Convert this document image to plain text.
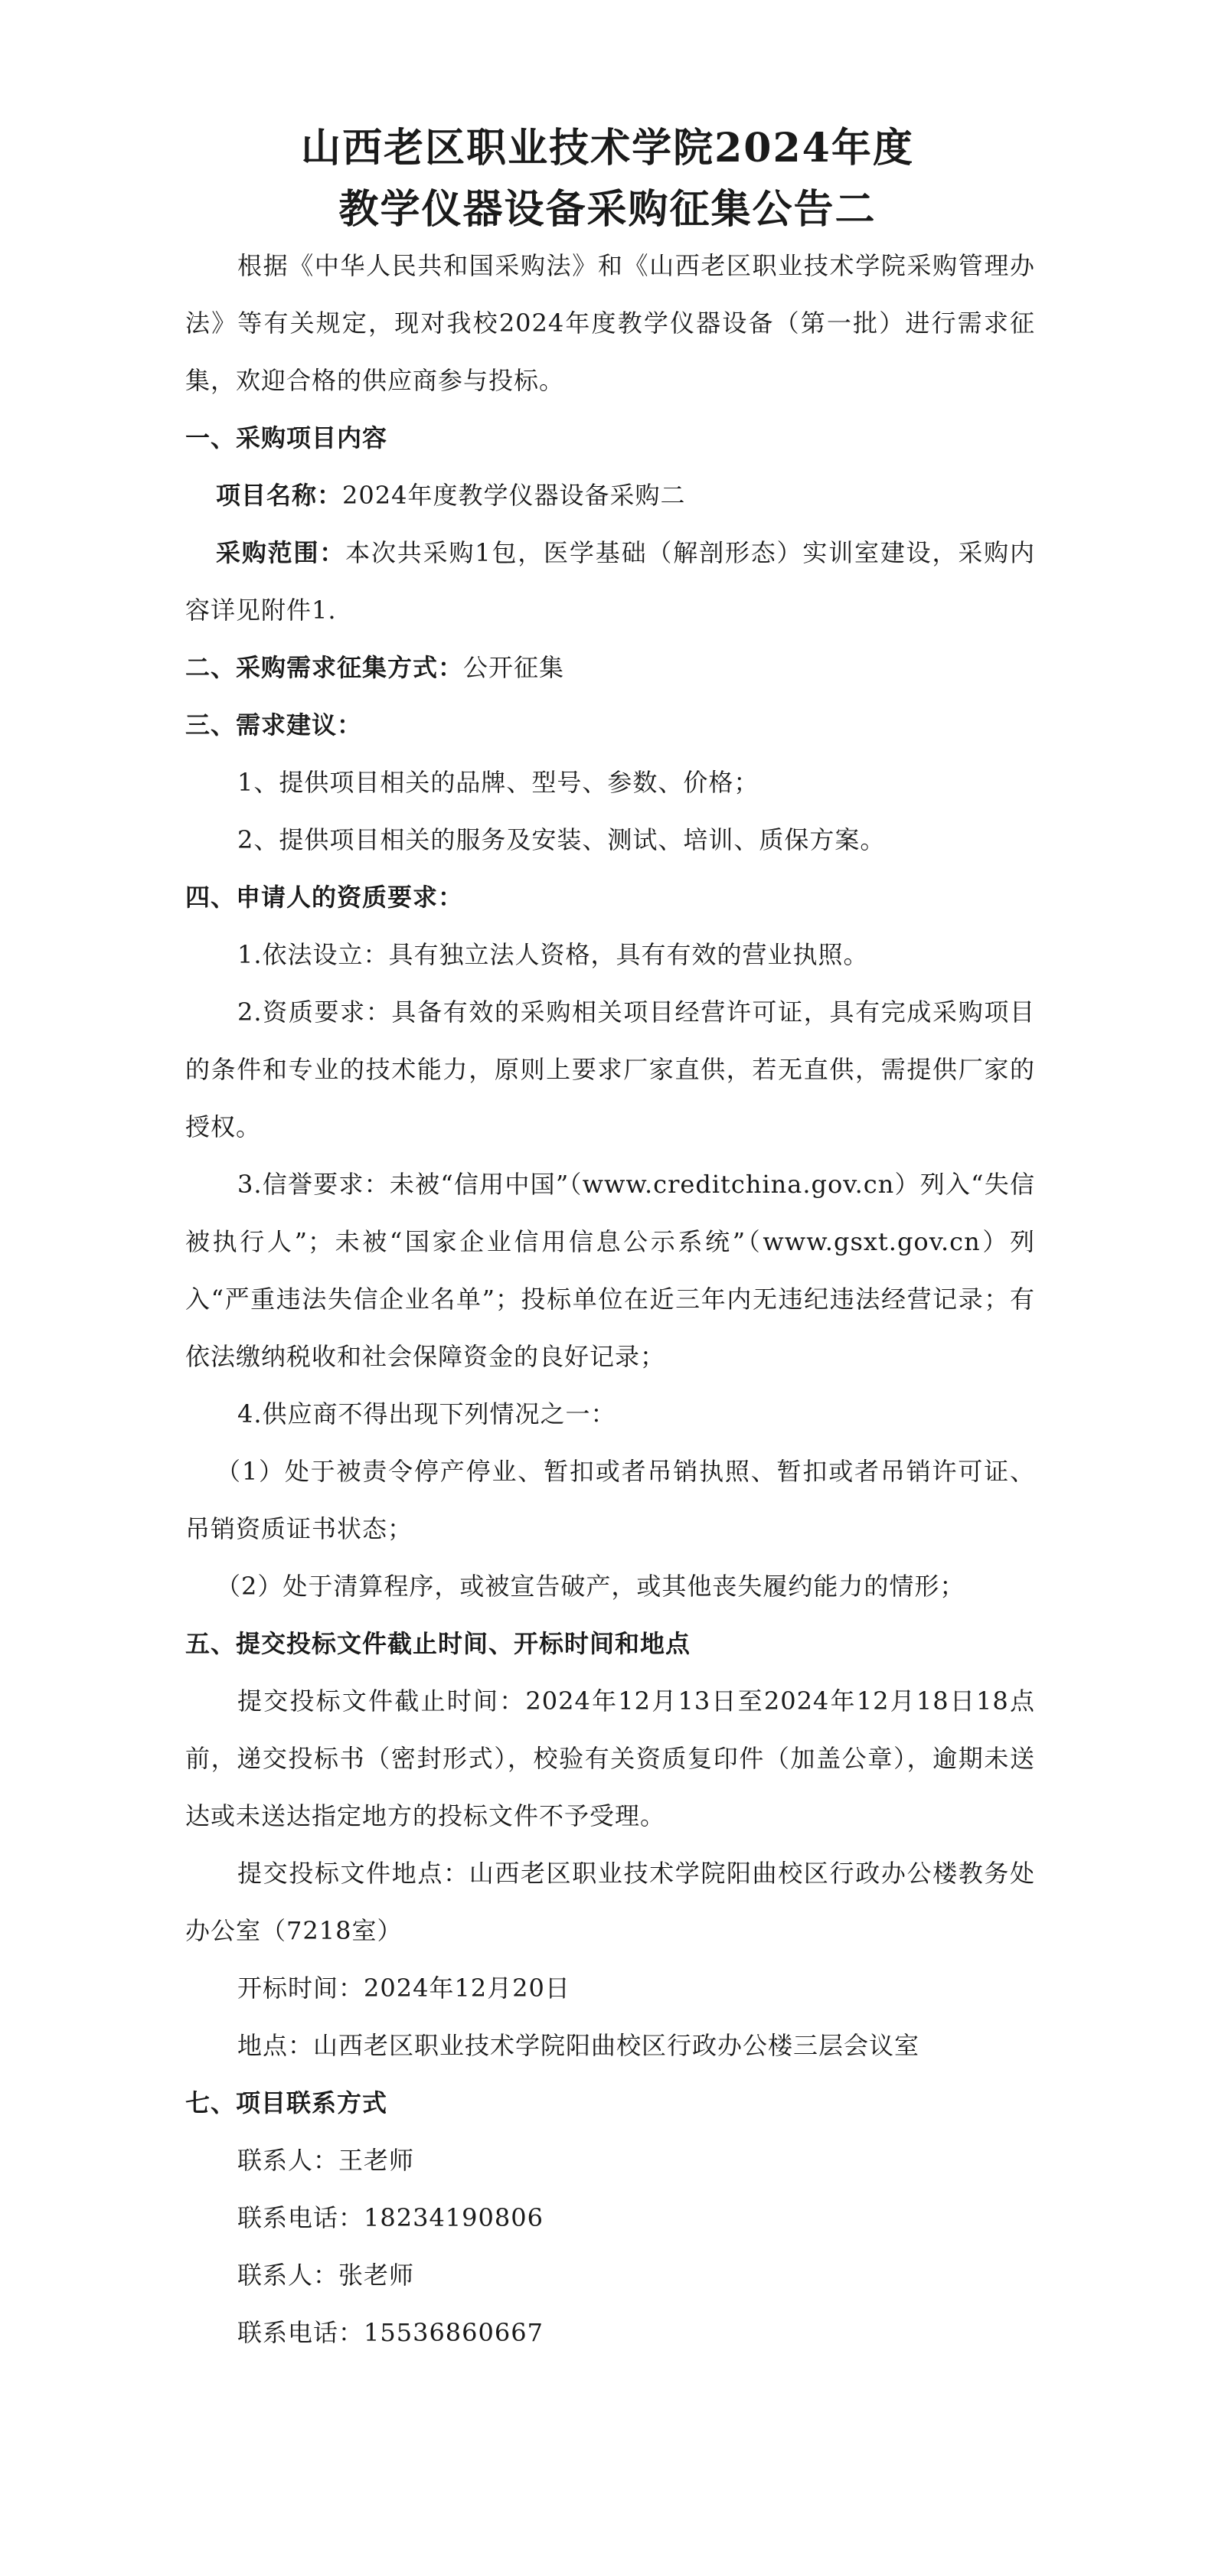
山西老区职业技术学院2024年度
教学仪器设备采购征集公告二

根据《中华人民共和国采购法》和《山西老区职业技术学院采购管理办法》等有关规定，现对我校2024年度教学仪器设备（第一批）进行需求征集，欢迎合格的供应商参与投标。

一、采购项目内容

项目名称：2024年度教学仪器设备采购二

采购范围：本次共采购1包，医学基础（解剖形态）实训室建设，采购内容详见附件1.

二、采购需求征集方式：公开征集

三、需求建议：

1、提供项目相关的品牌、型号、参数、价格；

2、提供项目相关的服务及安装、测试、培训、质保方案。

四、申请人的资质要求：

1.依法设立：具有独立法人资格，具有有效的营业执照。

2.资质要求：具备有效的采购相关项目经营许可证，具有完成采购项目的条件和专业的技术能力，原则上要求厂家直供，若无直供，需提供厂家的授权。

3.信誉要求：未被“信用中国”（www.creditchina.gov.cn）列入“失信被执行人”；未被“国家企业信用信息公示系统”（www.gsxt.gov.cn）列入“严重违法失信企业名单”；投标单位在近三年内无违纪违法经营记录；有依法缴纳税收和社会保障资金的良好记录；

4.供应商不得出现下列情况之一：

（1）处于被责令停产停业、暂扣或者吊销执照、暂扣或者吊销许可证、吊销资质证书状态；

（2）处于清算程序，或被宣告破产，或其他丧失履约能力的情形；

五、提交投标文件截止时间、开标时间和地点

提交投标文件截止时间：2024年12月13日至2024年12月18日18点前，递交投标书（密封形式），校验有关资质复印件（加盖公章），逾期未送达或未送达指定地方的投标文件不予受理。

提交投标文件地点：山西老区职业技术学院阳曲校区行政办公楼教务处办公室（7218室）

开标时间：2024年12月20日

地点：山西老区职业技术学院阳曲校区行政办公楼三层会议室

七、项目联系方式

联系人：王老师

联系电话：18234190806

联系人：张老师

联系电话：15536860667
